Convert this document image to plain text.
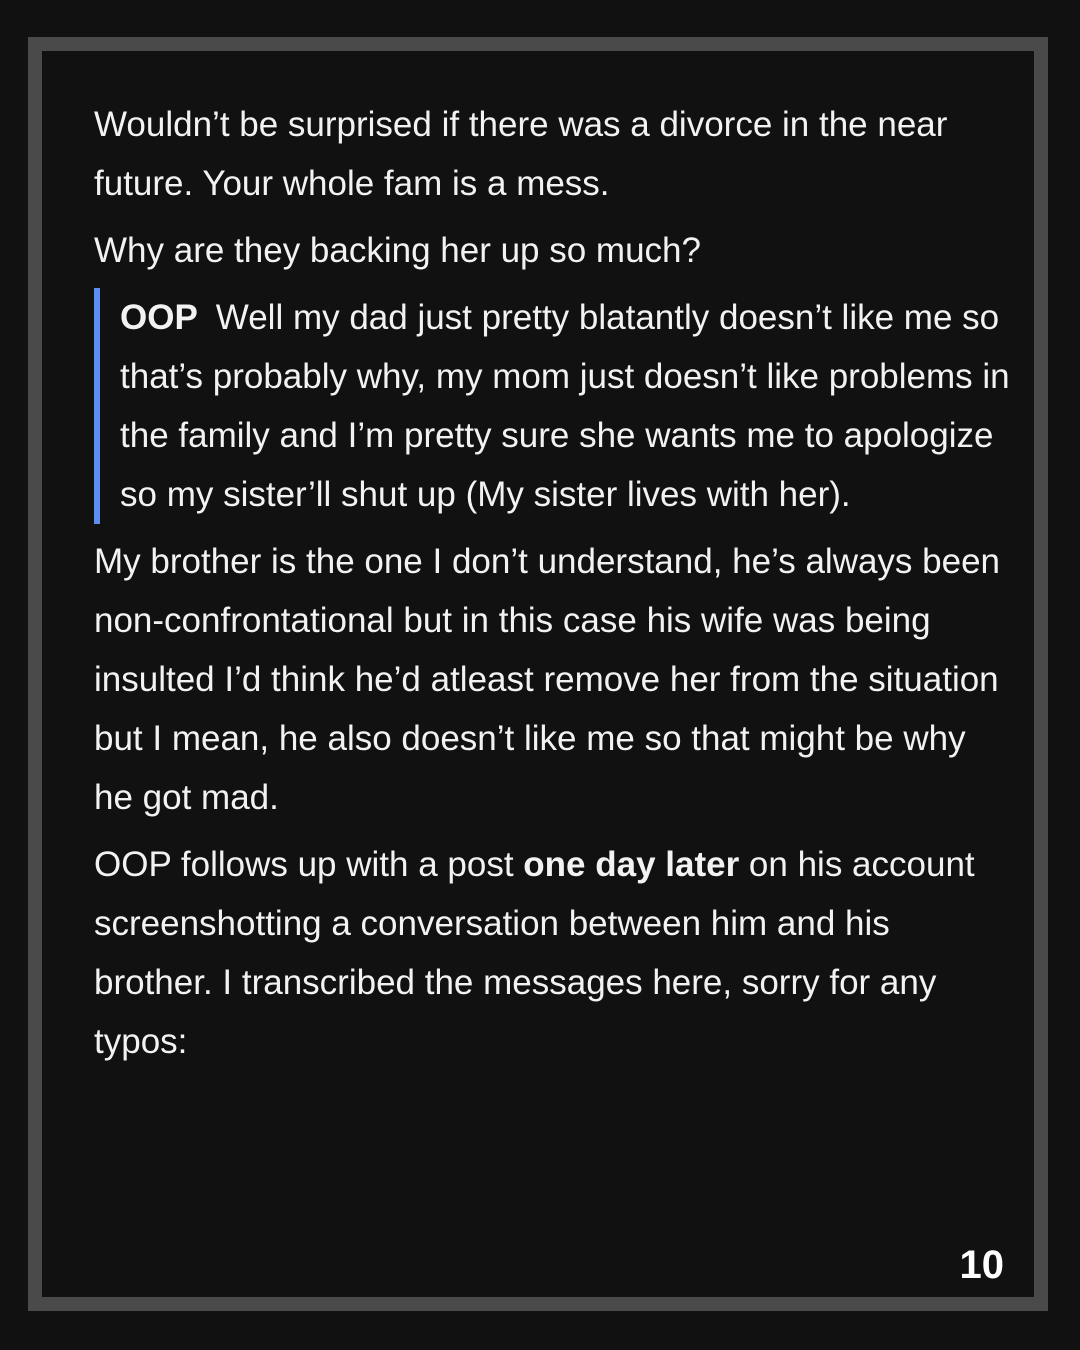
Wouldn’t be surprised if there was a divorce in the near future. Your whole fam is a mess.

Why are they backing her up so much?

OOP Well my dad just pretty blatantly doesn’t like me so that’s probably why, my mom just doesn’t like problems in the family and I’m pretty sure she wants me to apologize so my sister’ll shut up (My sister lives with her).

My brother is the one I don’t understand, he’s always been non-confrontational but in this case his wife was being insulted I’d think he’d atleast remove her from the situation but I mean, he also doesn’t like me so that might be why he got mad.

OOP follows up with a post one day later on his account screenshotting a conversation between him and his brother. I transcribed the messages here, sorry for any typos:

10
